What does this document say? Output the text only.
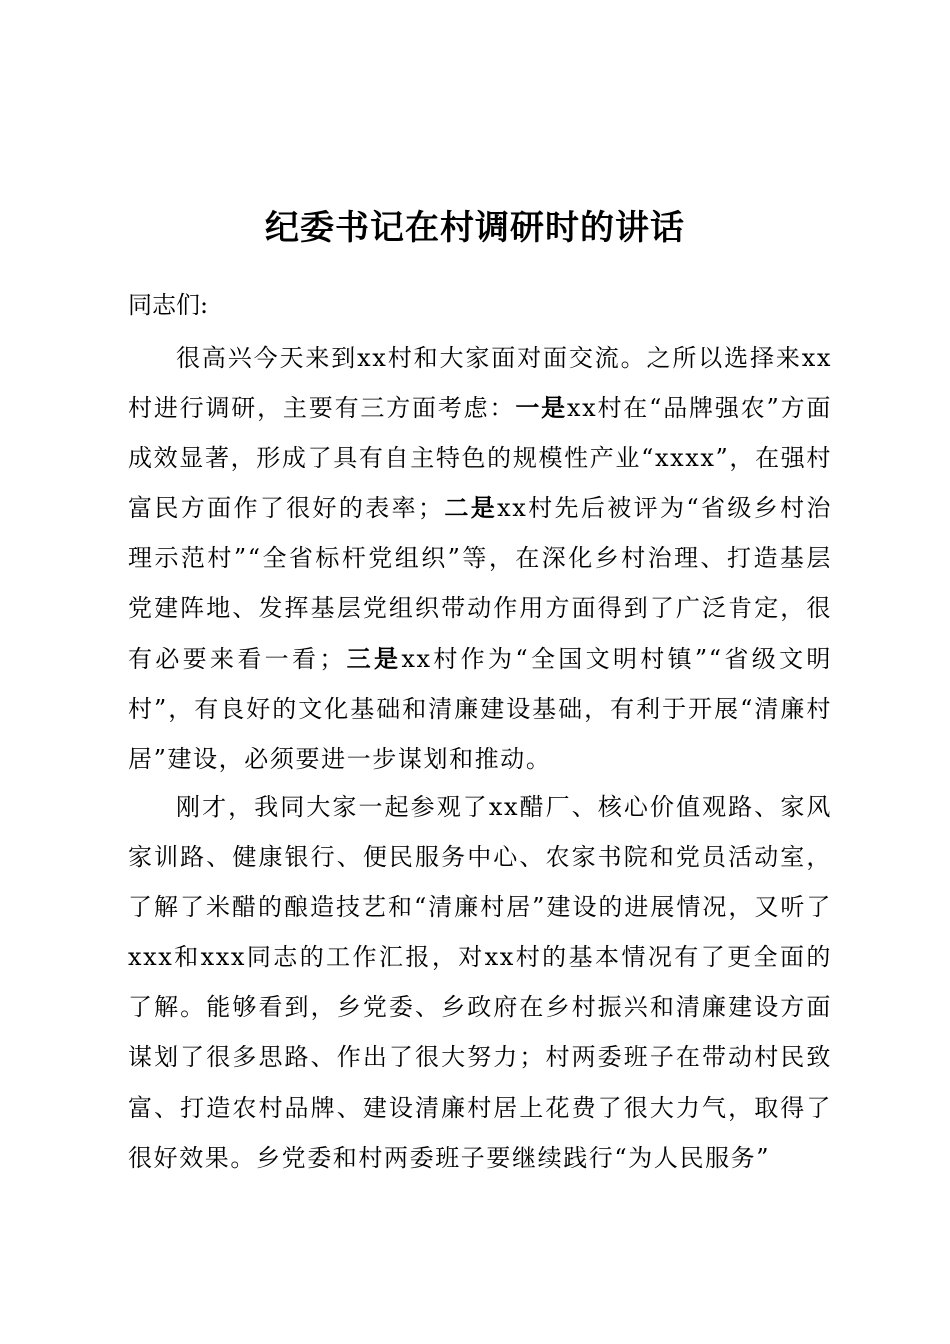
纪委书记在村调研时的讲话
同志们:

很高兴今天来到xx村和大家面对面交流。之所以选择来xx村进行调研，主要有三方面考虑：一是xx村在“品牌强农”方面成效显著，形成了具有自主特色的规模性产业“xxxx”，在强村富民方面作了很好的表率；二是xx村先后被评为“省级乡村治理示范村”“全省标杆党组织”等，在深化乡村治理、打造基层党建阵地、发挥基层党组织带动作用方面得到了广泛肯定，很有必要来看一看；三是xx村作为“全国文明村镇”“省级文明村”，有良好的文化基础和清廉建设基础，有利于开展“清廉村居”建设，必须要进一步谋划和推动。

刚才，我同大家一起参观了xx醋厂、核心价值观路、家风家训路、健康银行、便民服务中心、农家书院和党员活动室，了解了米醋的酿造技艺和“清廉村居”建设的进展情况，又听了xxx和xxx同志的工作汇报，对xx村的基本情况有了更全面的了解。能够看到，乡党委、乡政府在乡村振兴和清廉建设方面谋划了很多思路、作出了很大努力；村两委班子在带动村民致富、打造农村品牌、建设清廉村居上花费了很大力气，取得了很好效果。乡党委和村两委班子要继续践行“为人民服务”
